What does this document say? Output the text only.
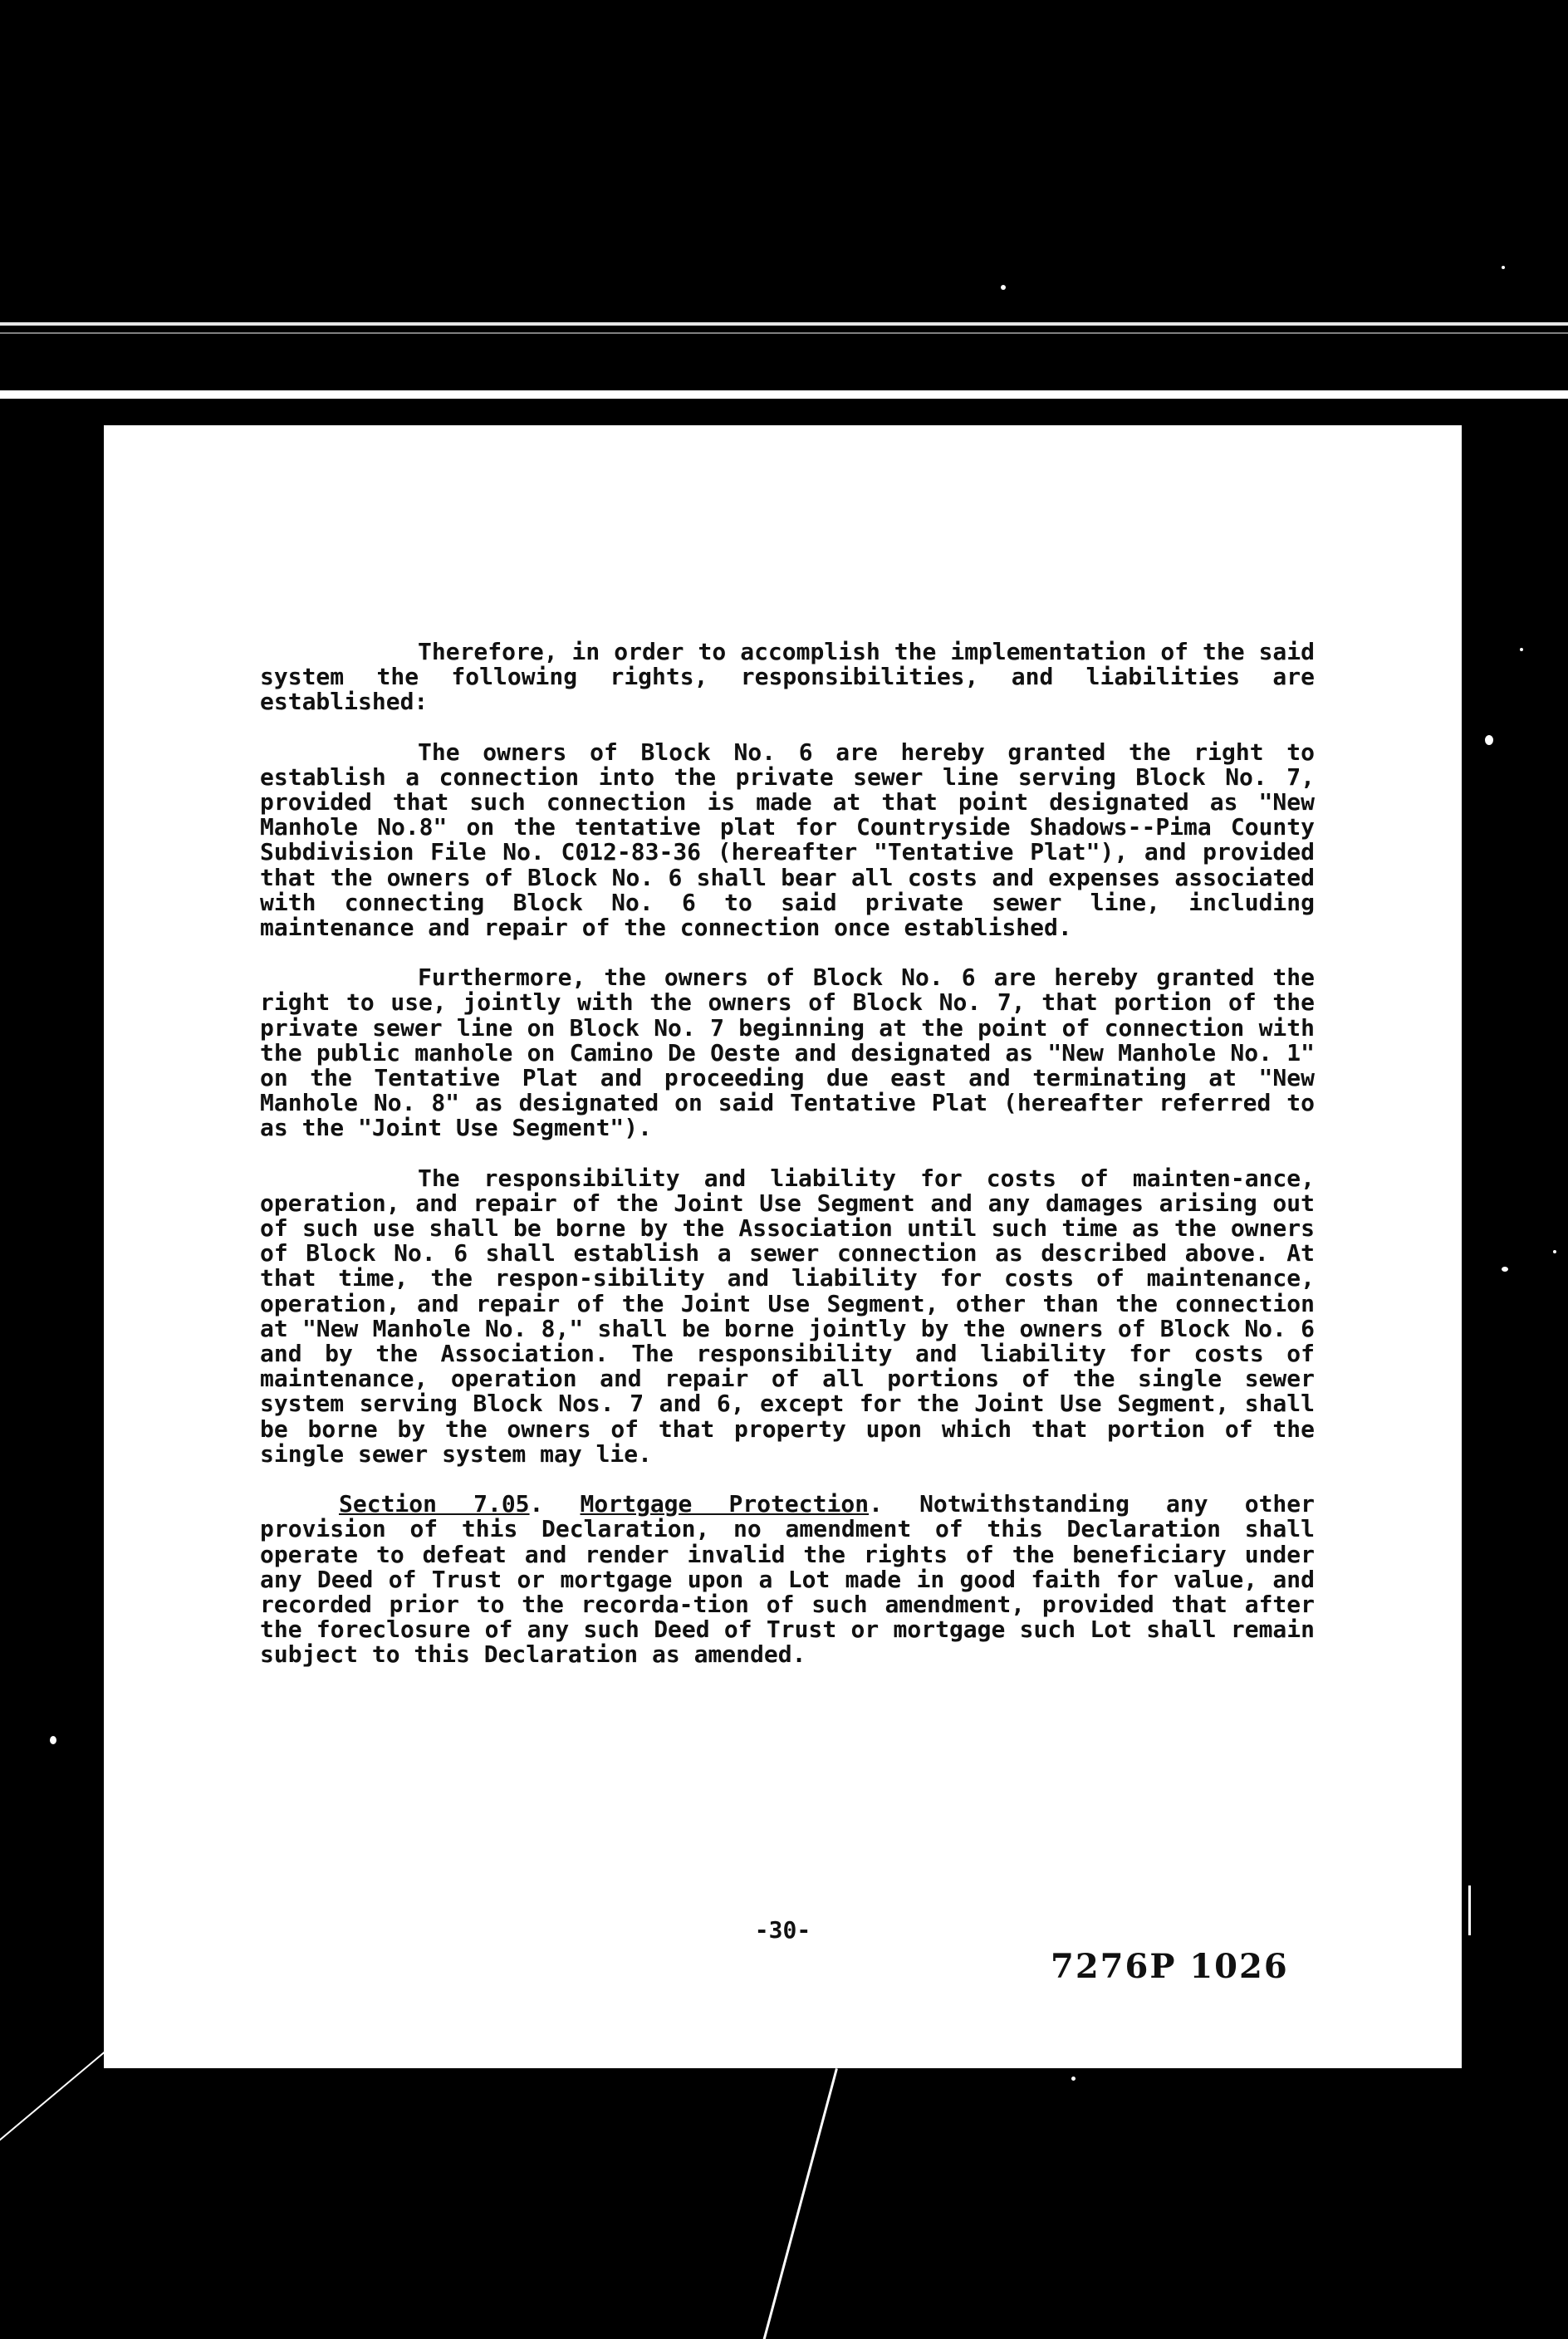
Therefore, in order to accomplish the implementation of the said system the following rights, responsibilities, and liabilities are established:

The owners of Block No. 6 are hereby granted the right to establish a connection into the private sewer line serving Block No. 7, provided that such connection is made at that point designated as "New Manhole No.8" on the tentative plat for Countryside Shadows--Pima County Subdivision File No. C012-83-36 (hereafter "Tentative Plat"), and provided that the owners of Block No. 6 shall bear all costs and expenses associated with connecting Block No. 6 to said private sewer line, including maintenance and repair of the connection once established.

Furthermore, the owners of Block No. 6 are hereby granted the right to use, jointly with the owners of Block No. 7, that portion of the private sewer line on Block No. 7 beginning at the point of connection with the public manhole on Camino De Oeste and designated as "New Manhole No. 1" on the Tentative Plat and proceeding due east and terminating at "New Manhole No. 8" as designated on said Tentative Plat (hereafter referred to as the "Joint Use Segment").

The responsibility and liability for costs of mainten-ance, operation, and repair of the Joint Use Segment and any damages arising out of such use shall be borne by the Association until such time as the owners of Block No. 6 shall establish a sewer connection as described above. At that time, the respon-sibility and liability for costs of maintenance, operation, and repair of the Joint Use Segment, other than the connection at "New Manhole No. 8," shall be borne jointly by the owners of Block No. 6 and by the Association. The responsibility and liability for costs of maintenance, operation and repair of all portions of the single sewer system serving Block Nos. 7 and 6, except for the Joint Use Segment, shall be borne by the owners of that property upon which that portion of the single sewer system may lie.

Section 7.05. Mortgage Protection. Notwithstanding any other provision of this Declaration, no amendment of this Declaration shall operate to defeat and render invalid the rights of the beneficiary under any Deed of Trust or mortgage upon a Lot made in good faith for value, and recorded prior to the recorda-tion of such amendment, provided that after the foreclosure of any such Deed of Trust or mortgage such Lot shall remain subject to this Declaration as amended.

-30-
7276P 1026
